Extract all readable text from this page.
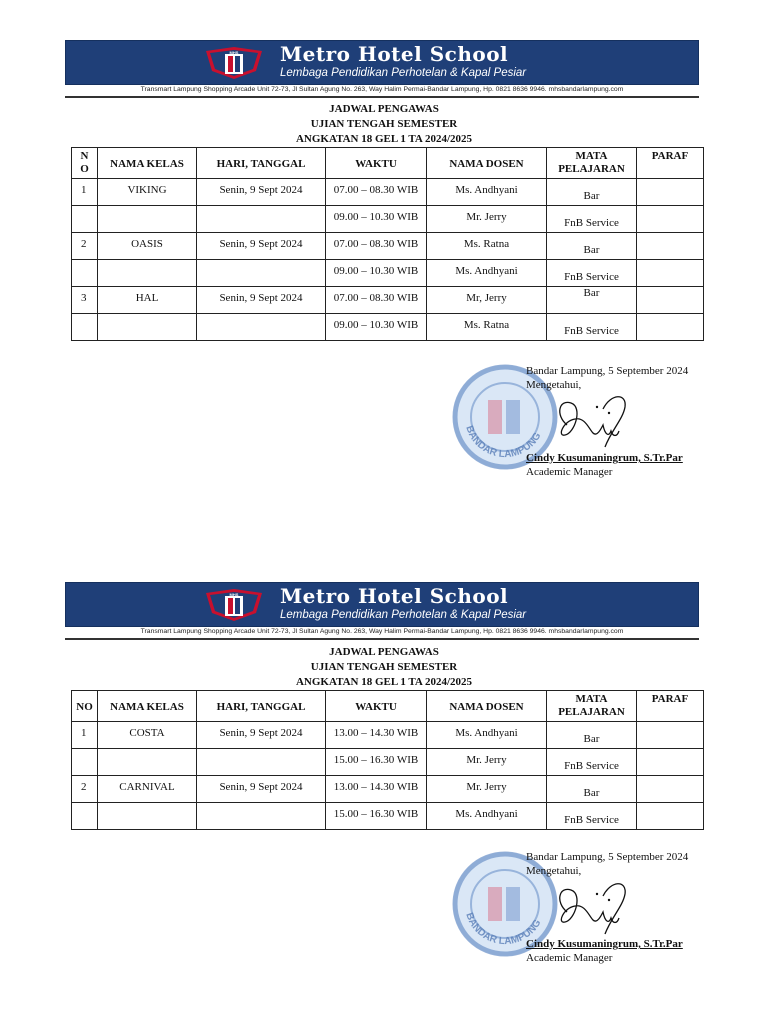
MHS Metro Hotel School
Lembaga Pendidikan Perhotelan & Kapal Pesiar
Transmart Lampung Shopping Arcade Unit 72-73, Jl Sultan Agung No. 263, Way Halim Permai-Bandar Lampung, Hp. 0821 8636 9946. mhsbandarlampung.com
JADWAL PENGAWAS
UJIAN TENGAH SEMESTER
ANGKATAN 18 GEL 1 TA 2024/2025
N O	NAMA KELAS	HARI, TANGGAL	WAKTU	NAMA DOSEN	MATA PELAJARAN	PARAF
1	VIKING	Senin, 9 Sept 2024	07.00 – 08.30 WIB	Ms. Andhyani	Bar	
			09.00 – 10.30 WIB	Mr. Jerry	FnB Service	
2	OASIS	Senin, 9 Sept 2024	07.00 – 08.30 WIB	Ms. Ratna	Bar	
			09.00 – 10.30 WIB	Ms. Andhyani	FnB Service	
3	HAL	Senin, 9 Sept 2024	07.00 – 08.30 WIB	Mr, Jerry	Bar	
			09.00 – 10.30 WIB	Ms. Ratna	FnB Service	
BANDAR LAMPUNG
Bandar Lampung, 5 September 2024
Mengetahui,
Cindy Kusumaningrum, S.Tr.Par
Academic Manager
MHS Metro Hotel School
Lembaga Pendidikan Perhotelan & Kapal Pesiar
Transmart Lampung Shopping Arcade Unit 72-73, Jl Sultan Agung No. 263, Way Halim Permai-Bandar Lampung, Hp. 0821 8636 9946. mhsbandarlampung.com
JADWAL PENGAWAS
UJIAN TENGAH SEMESTER
ANGKATAN 18 GEL 1 TA 2024/2025
NO	NAMA KELAS	HARI, TANGGAL	WAKTU	NAMA DOSEN	MATA PELAJARAN	PARAF
1	COSTA	Senin, 9 Sept 2024	13.00 – 14.30 WIB	Ms. Andhyani	Bar	
			15.00 – 16.30 WIB	Mr. Jerry	FnB Service	
2	CARNIVAL	Senin, 9 Sept 2024	13.00 – 14.30 WIB	Mr. Jerry	Bar	
			15.00 – 16.30 WIB	Ms. Andhyani	FnB Service	
BANDAR LAMPUNG
Bandar Lampung, 5 September 2024
Mengetahui,
Cindy Kusumaningrum, S.Tr.Par
Academic Manager
